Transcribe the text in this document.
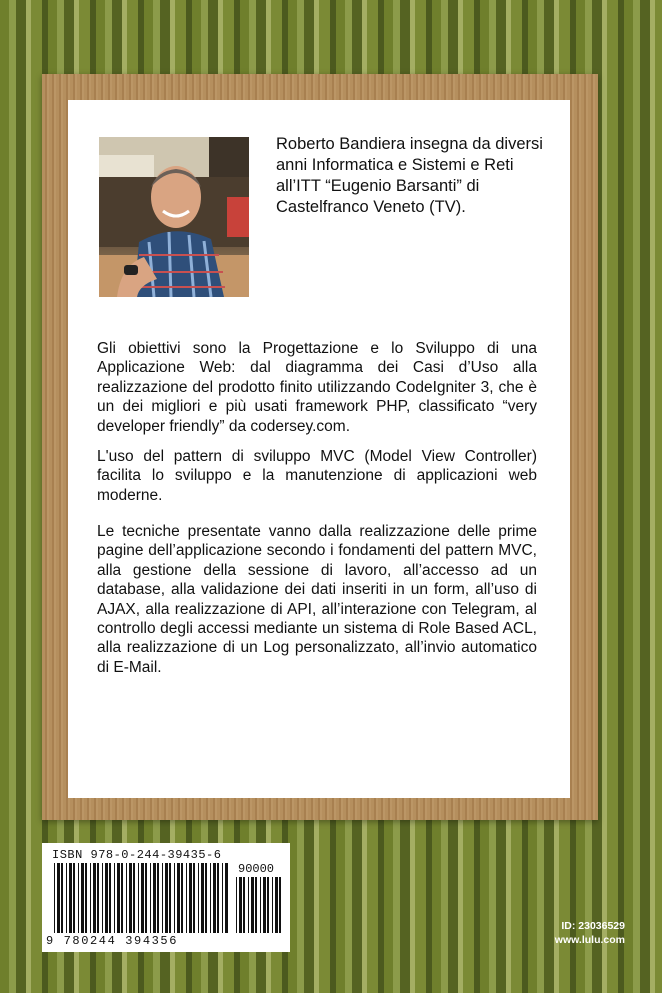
Roberto Bandiera insegna da diversi anni Informatica e Sistemi e Reti all’ITT “Eugenio Barsanti” di Castelfranco Veneto (TV).
Gli obiettivi sono la Progettazione e lo Sviluppo di una Applicazione Web: dal diagramma dei Casi d’Uso alla realizzazione del prodotto finito utilizzando CodeIgniter 3, che è un dei migliori e più usati framework PHP, classificato “very developer friendly” da codersey.com.
L'uso del pattern di sviluppo MVC (Model View Controller) facilita lo sviluppo e la manutenzione di applicazioni web moderne.
Le tecniche presentate vanno dalla realizzazione delle prime pagine dell’applicazione secondo i fondamenti del pattern MVC, alla gestione della sessione di lavoro, all’accesso ad un database, alla validazione dei dati inseriti in un form, all’uso di AJAX, alla realizzazione di API, all’interazione con Telegram, al controllo degli accessi mediante un sistema di Role Based ACL, alla realizzazione di un Log personalizzato, all’invio automatico di E-Mail.
ISBN 978-0-244-39435-6
90000
9 780244 394356
ID: 23036529
www.lulu.com
